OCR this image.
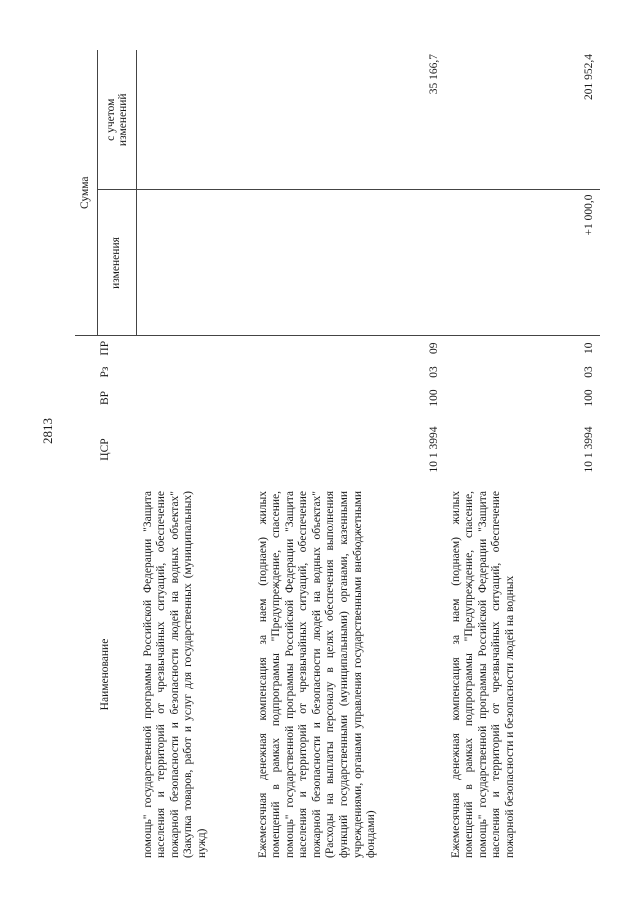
2813
Наименование	ЦСР	ВР	Рз	ПР	Сумма	
					изменения	с учетом
изменений
помощь" государственной программы Российской Федерации "Защита населения и территорий от чрезвычайных ситуаций, обеспечение пожарной безопасности и безопасности людей на водных объектах" (Закупка товаров, работ и услуг для государственных (муниципальных) нужд)						
Ежемесячная денежная компенсация за наем (поднаем) жилых помещений в рамках подпрограммы "Предупреждение, спасение, помощь" государственной программы Российской Федерации "Защита населения и территорий от чрезвычайных ситуаций, обеспечение пожарной безопасности и безопасности людей на водных объектах" (Расходы на выплаты персоналу в целях обеспечения выполнения функций государственными (муниципальными) органами, казенными учреждениями, органами управления государственными внебюджетными фондами)	10 1 3994	100	03	09		35 166,7
Ежемесячная денежная компенсация за наем (поднаем) жилых помещений в рамках подпрограммы "Предупреждение, спасение, помощь" государственной программы Российской Федерации "Защита населения и территорий от чрезвычайных ситуаций, обеспечение пожарной безопасности и безопасности людей на водных	10 1 3994	100	03	10	+1 000,0	201 952,4
